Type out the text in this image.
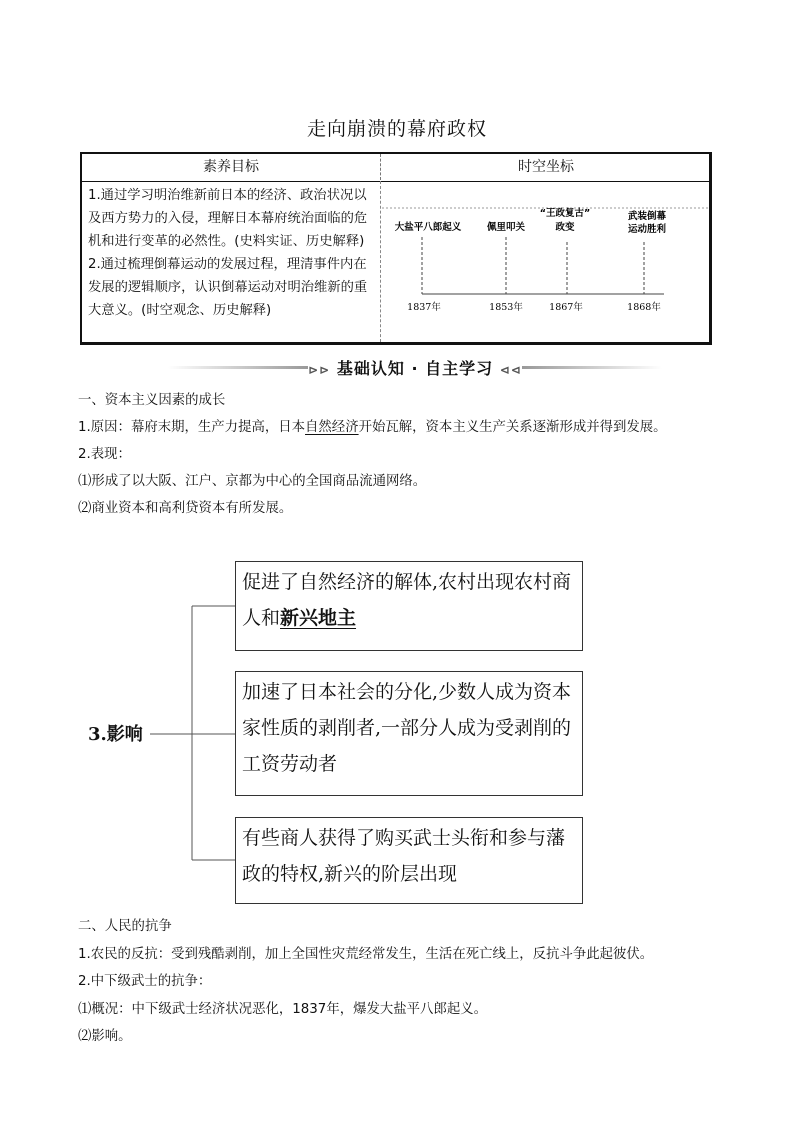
走向崩溃的幕府政权
素养目标	时空坐标

1.通过学习明治维新前日本的经济、政治状况以及西方势力的入侵，理解日本幕府统治面临的危机和进行变革的必然性。(史料实证、历史解释)

2.通过梳理倒幕运动的发展过程，理清事件内在发展的逻辑顺序，认识倒幕运动对明治维新的重大意义。(时空观念、历史解释)

大盐平八郎起义	佩里叩关
“王政复古”
政变
武装倒幕
运动胜利
1837年	1853年	1867年	1868年
⊳⊳ 基础认知 · 自主学习 ⊲⊲
一、资本主义因素的成长
1.原因：幕府末期，生产力提高，日本自然经济开始瓦解，资本主义生产关系逐渐形成并得到发展。
2.表现：
⑴形成了以大阪、江户、京都为中心的全国商品流通网络。
⑵商业资本和高利贷资本有所发展。
3.影响
促进了自然经济的解体,农村出现农村商人和新兴地主
加速了日本社会的分化,少数人成为资本家性质的剥削者,一部分人成为受剥削的工资劳动者
有些商人获得了购买武士头衔和参与藩政的特权,新兴的阶层出现
二、人民的抗争
1.农民的反抗：受到残酷剥削，加上全国性灾荒经常发生，生活在死亡线上，反抗斗争此起彼伏。
2.中下级武士的抗争：
⑴概况：中下级武士经济状况恶化，1837年，爆发大盐平八郎起义。
⑵影响。
